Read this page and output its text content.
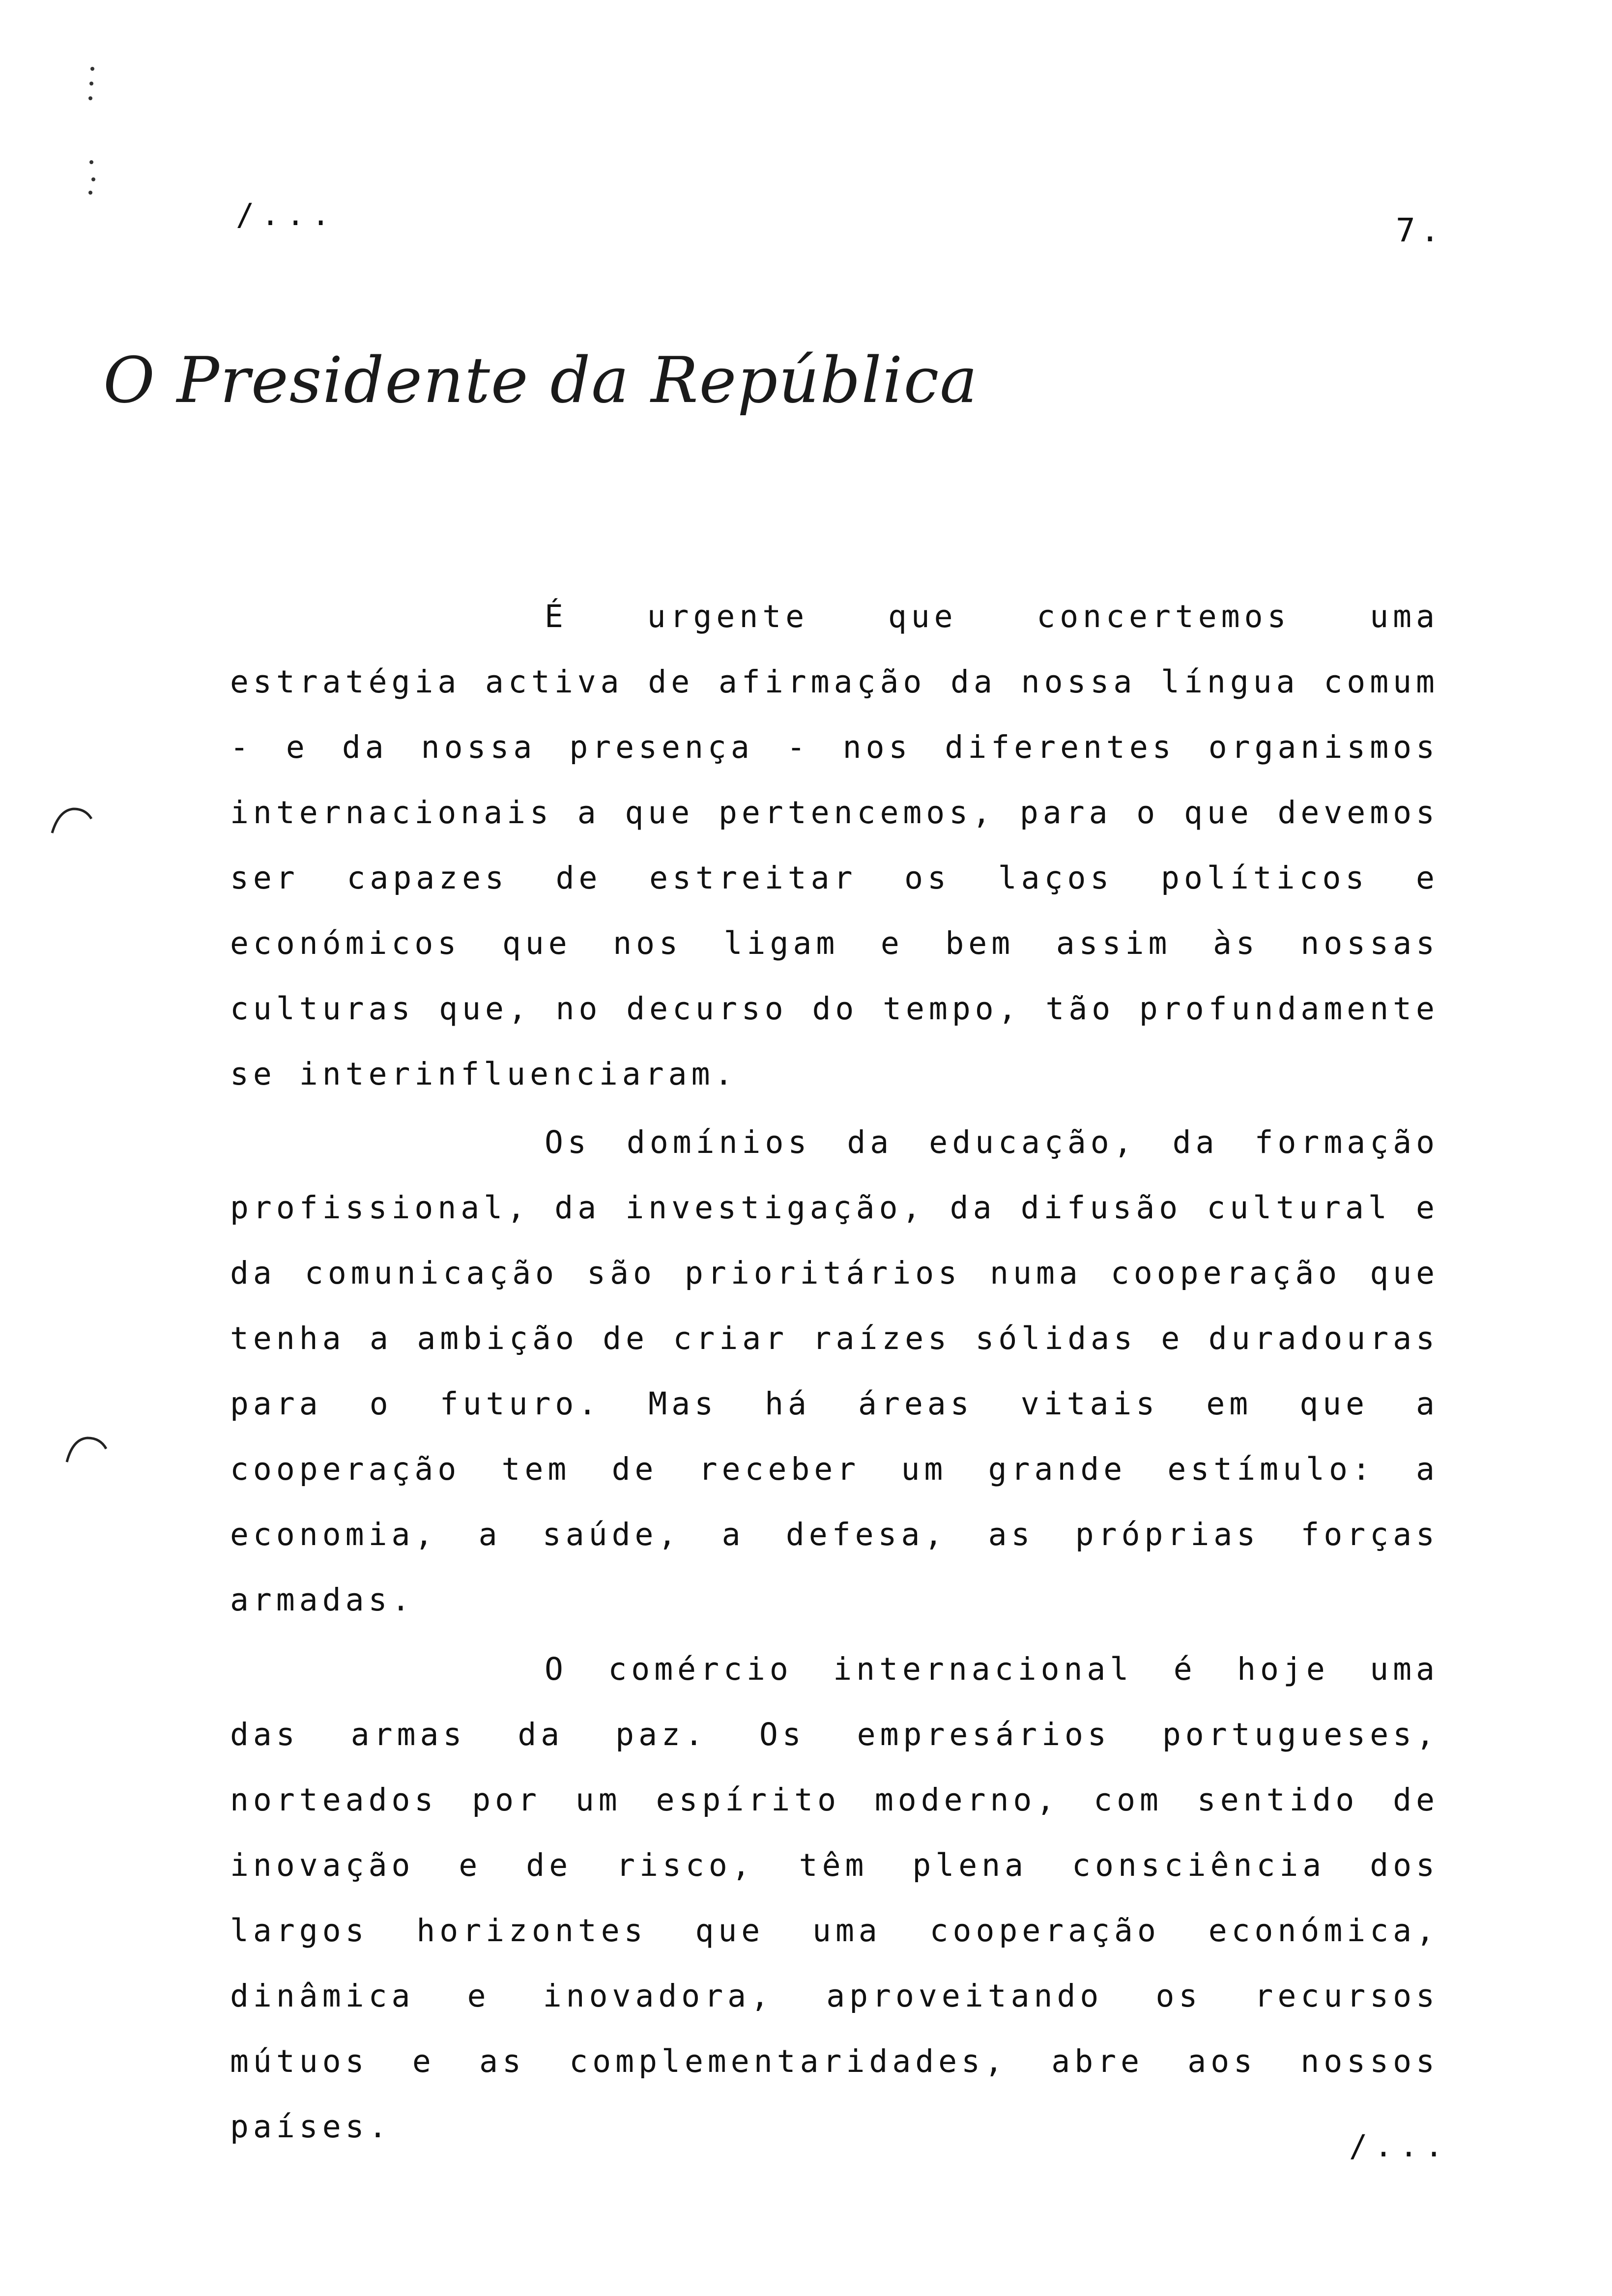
/...	7.
O Presidente da República

É urgente que concertemos uma estratégia activa de afirmação da nossa língua comum - e da nossa presença - nos diferentes organismos internacionais a que pertencemos, para o que devemos ser capazes de estreitar os laços políticos e económicos que nos ligam e bem assim às nossas culturas que, no decurso do tempo, tão profundamente se interinfluenciaram.

Os domínios da educação, da formação profissional, da investigação, da difusão cultural e da comunicação são prioritários numa cooperação que tenha a ambição de criar raízes sólidas e duradouras para o futuro. Mas há áreas vitais em que a cooperação tem de receber um grande estímulo: a economia, a saúde, a defesa, as próprias forças armadas.

O comércio internacional é hoje uma das armas da paz. Os empresários portugueses, norteados por um espírito moderno, com sentido de inovação e de risco, têm plena consciência dos largos horizontes que uma cooperação económica, dinâmica e inovadora, aproveitando os recursos mútuos e as complementaridades, abre aos nossos países.

/...
